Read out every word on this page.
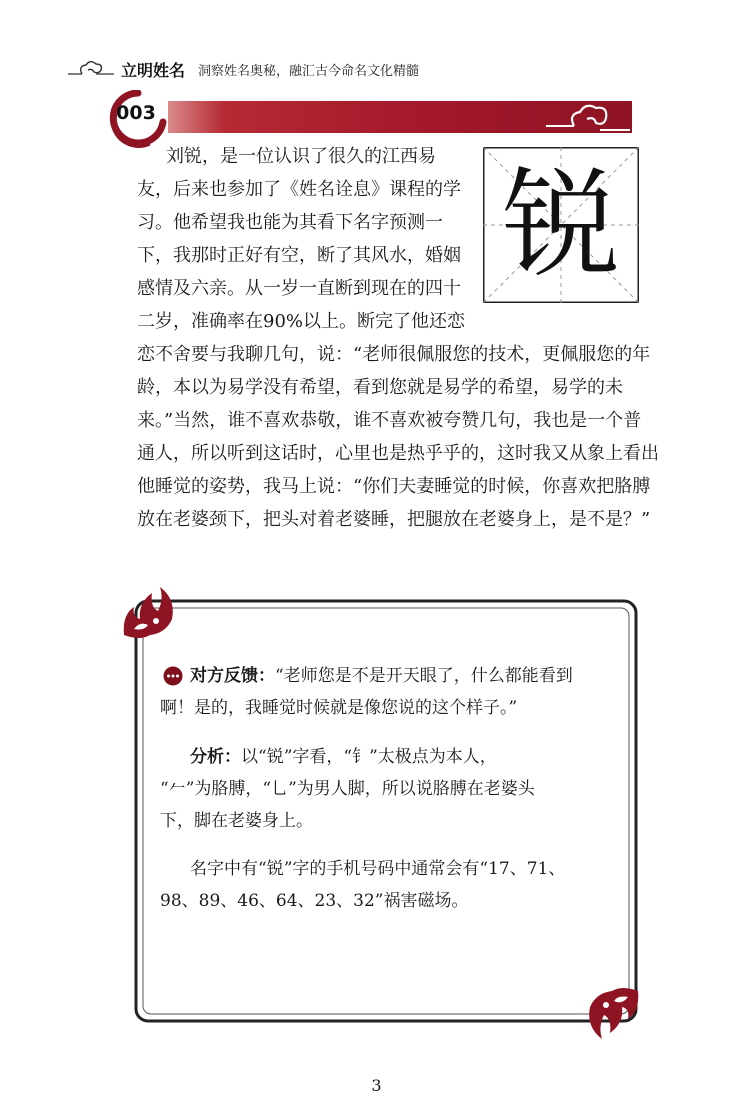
立明姓名 洞察姓名奥秘，融汇古今命名文化精髓
003
锐
刘锐，是一位认识了很久的江西易
友，后来也参加了《姓名诠息》课程的学
习。他希望我也能为其看下名字预测一
下，我那时正好有空，断了其风水，婚姻
感情及六亲。从一岁一直断到现在的四十
二岁，准确率在90%以上。断完了他还恋
恋不舍要与我聊几句，说：“老师很佩服您的技术，更佩服您的年
龄，本以为易学没有希望，看到您就是易学的希望，易学的未
来。”当然，谁不喜欢恭敬，谁不喜欢被夸赞几句，我也是一个普
通人，所以听到这话时，心里也是热乎乎的，这时我又从象上看出
他睡觉的姿势，我马上说：“你们夫妻睡觉的时候，你喜欢把胳膊
放在老婆颈下，把头对着老婆睡，把腿放在老婆身上，是不是？”
对方反馈：“老师您是不是开天眼了，什么都能看到
啊！是的，我睡觉时候就是像您说的这个样子。”
分析：以“锐”字看，“钅”太极点为本人，
“𠂉”为胳膊，“乚”为男人脚，所以说胳膊在老婆头
下，脚在老婆身上。
名字中有“锐”字的手机号码中通常会有“17、71、
98、89、46、64、23、32”祸害磁场。
3
